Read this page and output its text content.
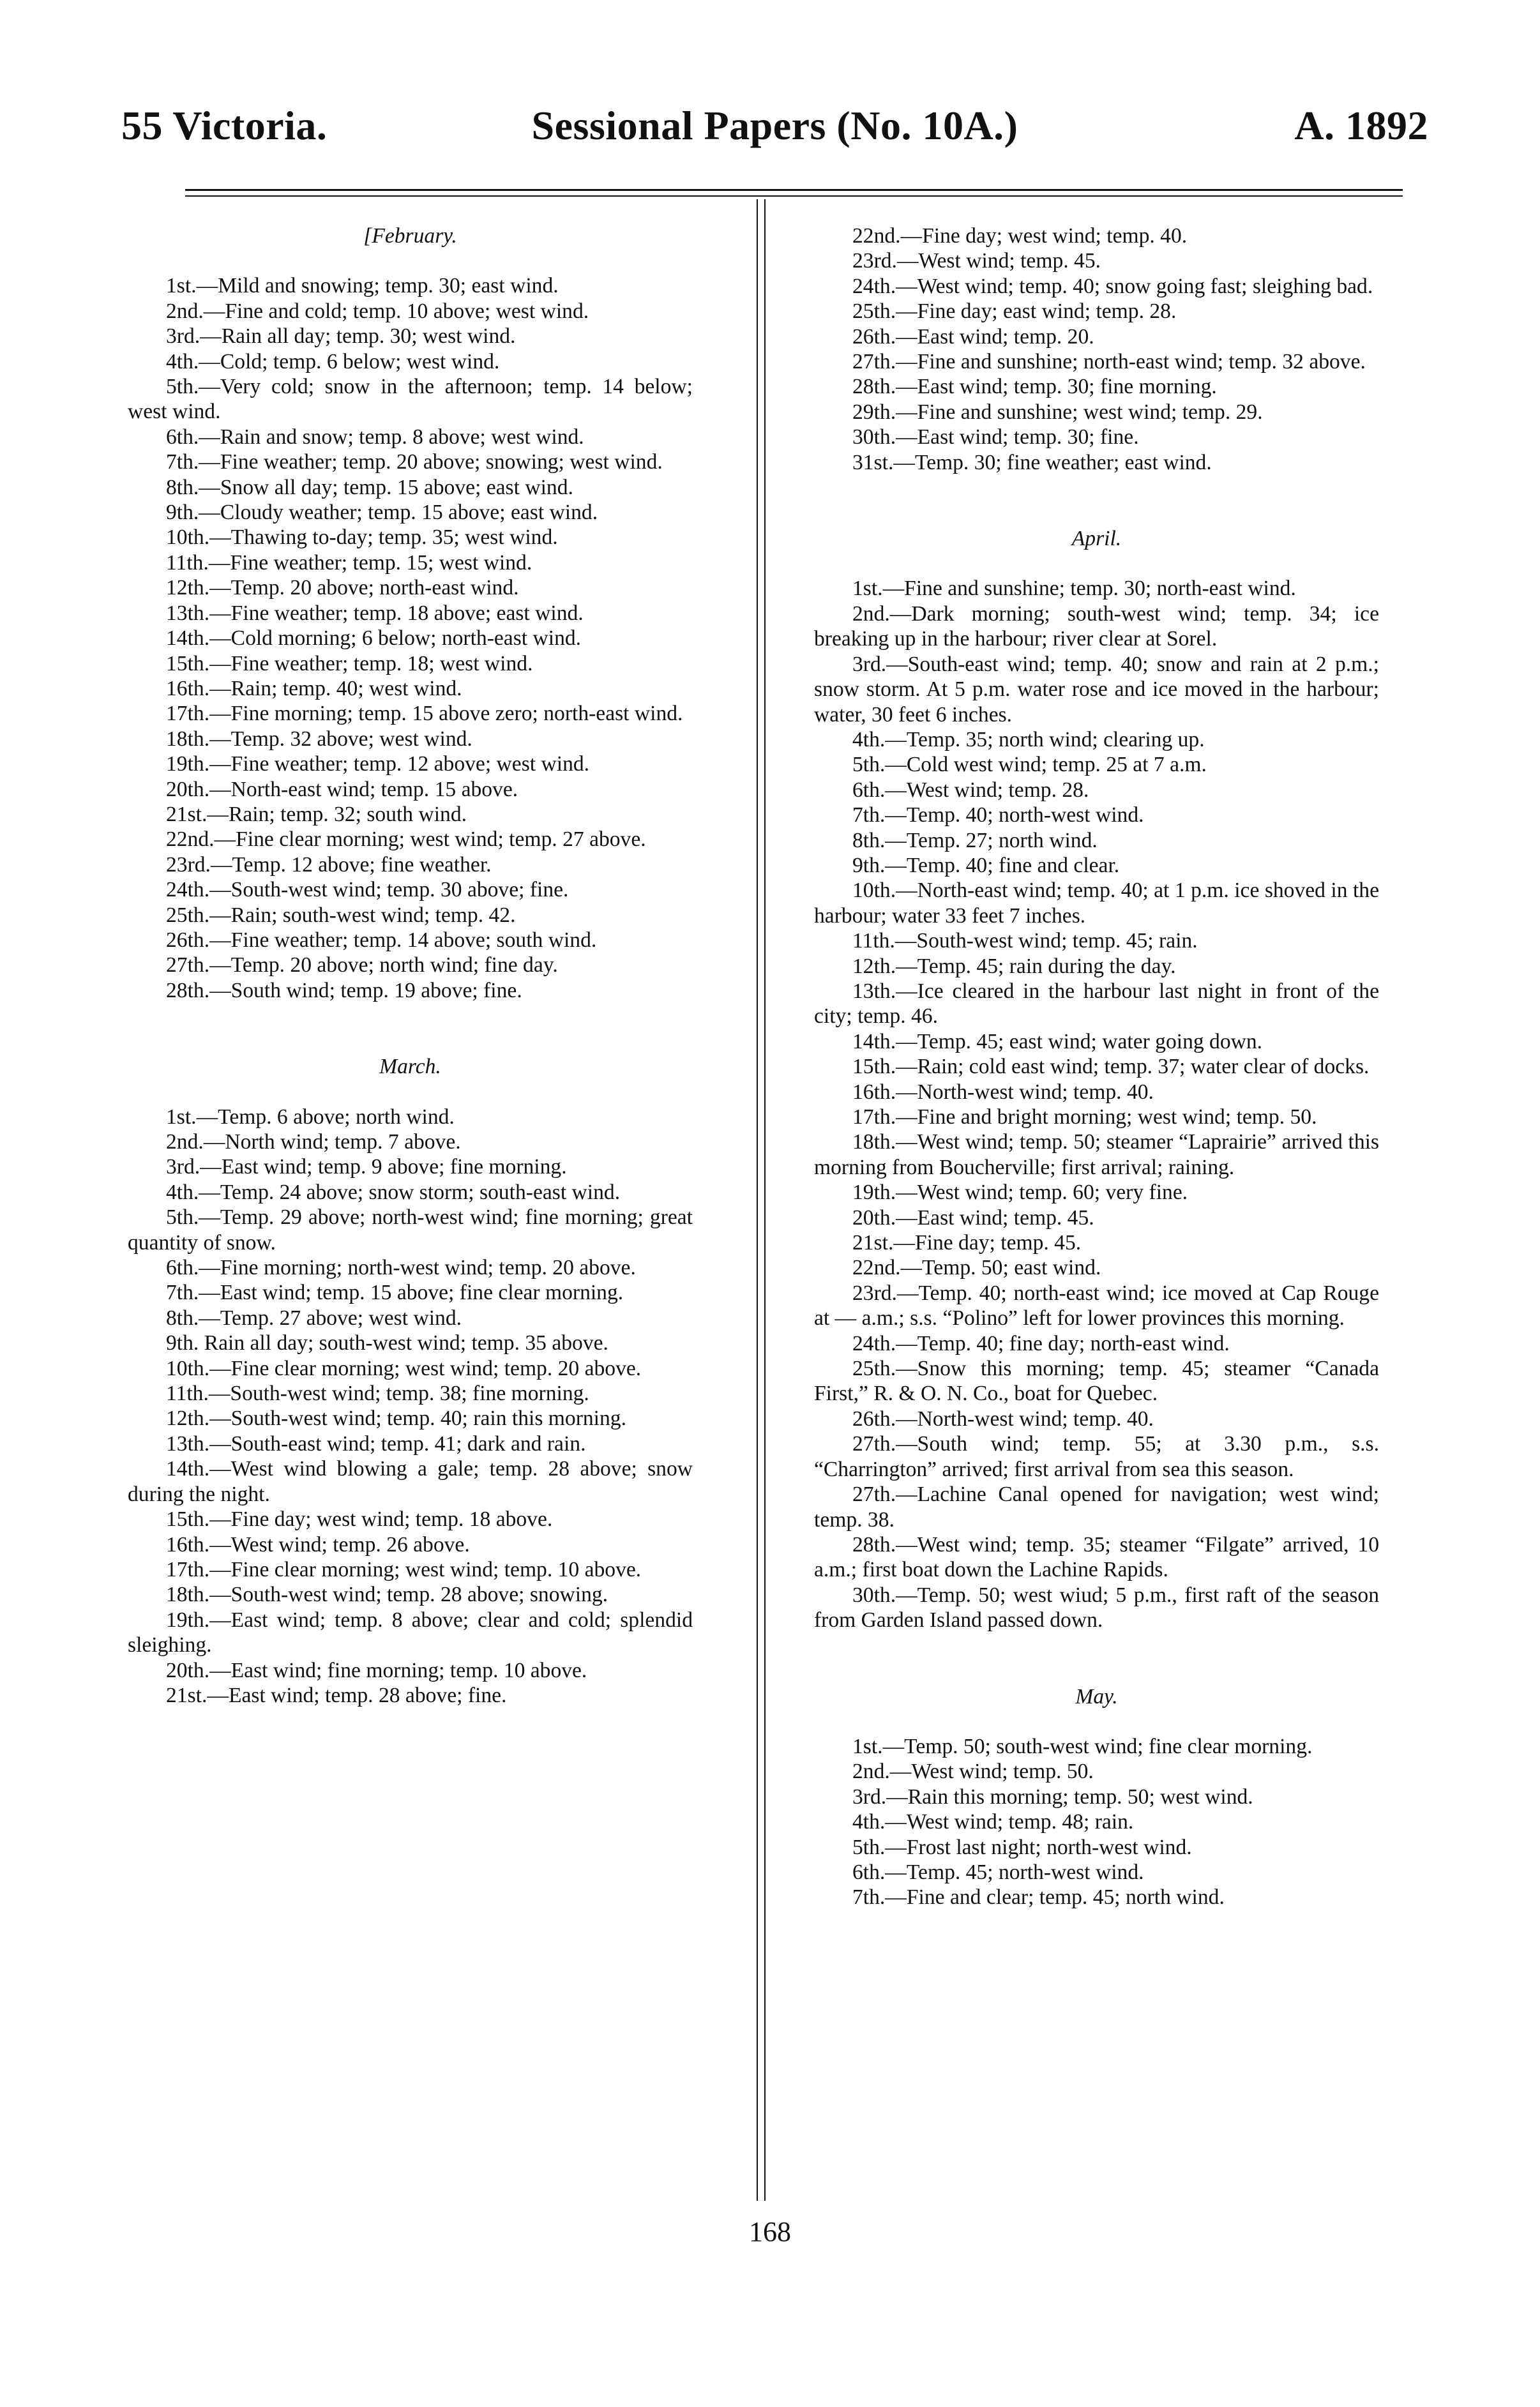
55 Victoria.	Sessional Papers (No. 10A.)	A. 1892

[February.

1st.—Mild and snowing; temp. 30; east wind.

2nd.—Fine and cold; temp. 10 above; west wind.

3rd.—Rain all day; temp. 30; west wind.

4th.—Cold; temp. 6 below; west wind.

5th.—Very cold; snow in the afternoon; temp. 14 below; west wind.

6th.—Rain and snow; temp. 8 above; west wind.

7th.—Fine weather; temp. 20 above; snowing; west wind.

8th.—Snow all day; temp. 15 above; east wind.

9th.—Cloudy weather; temp. 15 above; east wind.

10th.—Thawing to-day; temp. 35; west wind.

11th.—Fine weather; temp. 15; west wind.

12th.—Temp. 20 above; north-east wind.

13th.—Fine weather; temp. 18 above; east wind.

14th.—Cold morning; 6 below; north-east wind.

15th.—Fine weather; temp. 18; west wind.

16th.—Rain; temp. 40; west wind.

17th.—Fine morning; temp. 15 above zero; north-east wind.

18th.—Temp. 32 above; west wind.

19th.—Fine weather; temp. 12 above; west wind.

20th.—North-east wind; temp. 15 above.

21st.—Rain; temp. 32; south wind.

22nd.—Fine clear morning; west wind; temp. 27 above.

23rd.—Temp. 12 above; fine weather.

24th.—South-west wind; temp. 30 above; fine.

25th.—Rain; south-west wind; temp. 42.

26th.—Fine weather; temp. 14 above; south wind.

27th.—Temp. 20 above; north wind; fine day.

28th.—South wind; temp. 19 above; fine.

March.

1st.—Temp. 6 above; north wind.

2nd.—North wind; temp. 7 above.

3rd.—East wind; temp. 9 above; fine morning.

4th.—Temp. 24 above; snow storm; south-east wind.

5th.—Temp. 29 above; north-west wind; fine morning; great quantity of snow.

6th.—Fine morning; north-west wind; temp. 20 above.

7th.—East wind; temp. 15 above; fine clear morning.

8th.—Temp. 27 above; west wind.

9th. Rain all day; south-west wind; temp. 35 above.

10th.—Fine clear morning; west wind; temp. 20 above.

11th.—South-west wind; temp. 38; fine morning.

12th.—South-west wind; temp. 40; rain this morning.

13th.—South-east wind; temp. 41; dark and rain.

14th.—West wind blowing a gale; temp. 28 above; snow during the night.

15th.—Fine day; west wind; temp. 18 above.

16th.—West wind; temp. 26 above.

17th.—Fine clear morning; west wind; temp. 10 above.

18th.—South-west wind; temp. 28 above; snowing.

19th.—East wind; temp. 8 above; clear and cold; splendid sleighing.

20th.—East wind; fine morning; temp. 10 above.

21st.—East wind; temp. 28 above; fine.

22nd.—Fine day; west wind; temp. 40.

23rd.—West wind; temp. 45.

24th.—West wind; temp. 40; snow going fast; sleighing bad.

25th.—Fine day; east wind; temp. 28.

26th.—East wind; temp. 20.

27th.—Fine and sunshine; north-east wind; temp. 32 above.

28th.—East wind; temp. 30; fine morning.

29th.—Fine and sunshine; west wind; temp. 29.

30th.—East wind; temp. 30; fine.

31st.—Temp. 30; fine weather; east wind.

April.

1st.—Fine and sunshine; temp. 30; north-east wind.

2nd.—Dark morning; south-west wind; temp. 34; ice breaking up in the harbour; river clear at Sorel.

3rd.—South-east wind; temp. 40; snow and rain at 2 p.m.; snow storm. At 5 p.m. water rose and ice moved in the harbour; water, 30 feet 6 inches.

4th.—Temp. 35; north wind; clearing up.

5th.—Cold west wind; temp. 25 at 7 a.m.

6th.—West wind; temp. 28.

7th.—Temp. 40; north-west wind.

8th.—Temp. 27; north wind.

9th.—Temp. 40; fine and clear.

10th.—North-east wind; temp. 40; at 1 p.m. ice shoved in the harbour; water 33 feet 7 inches.

11th.—South-west wind; temp. 45; rain.

12th.—Temp. 45; rain during the day.

13th.—Ice cleared in the harbour last night in front of the city; temp. 46.

14th.—Temp. 45; east wind; water going down.

15th.—Rain; cold east wind; temp. 37; water clear of docks.

16th.—North-west wind; temp. 40.

17th.—Fine and bright morning; west wind; temp. 50.

18th.—West wind; temp. 50; steamer “Laprairie” arrived this morning from Boucherville; first arrival; raining.

19th.—West wind; temp. 60; very fine.

20th.—East wind; temp. 45.

21st.—Fine day; temp. 45.

22nd.—Temp. 50; east wind.

23rd.—Temp. 40; north-east wind; ice moved at Cap Rouge at — a.m.; s.s. “Polino” left for lower provinces this morning.

24th.—Temp. 40; fine day; north-east wind.

25th.—Snow this morning; temp. 45; steamer “Canada First,” R. & O. N. Co., boat for Quebec.

26th.—North-west wind; temp. 40.

27th.—South wind; temp. 55; at 3.30 p.m., s.s. “Charrington” arrived; first arrival from sea this season.

27th.—Lachine Canal opened for navigation; west wind; temp. 38.

28th.—West wind; temp. 35; steamer “Filgate” arrived, 10 a.m.; first boat down the Lachine Rapids.

30th.—Temp. 50; west wiud; 5 p.m., first raft of the season from Garden Island passed down.

May.

1st.—Temp. 50; south-west wind; fine clear morning.

2nd.—West wind; temp. 50.

3rd.—Rain this morning; temp. 50; west wind.

4th.—West wind; temp. 48; rain.

5th.—Frost last night; north-west wind.

6th.—Temp. 45; north-west wind.

7th.—Fine and clear; temp. 45; north wind.

168
